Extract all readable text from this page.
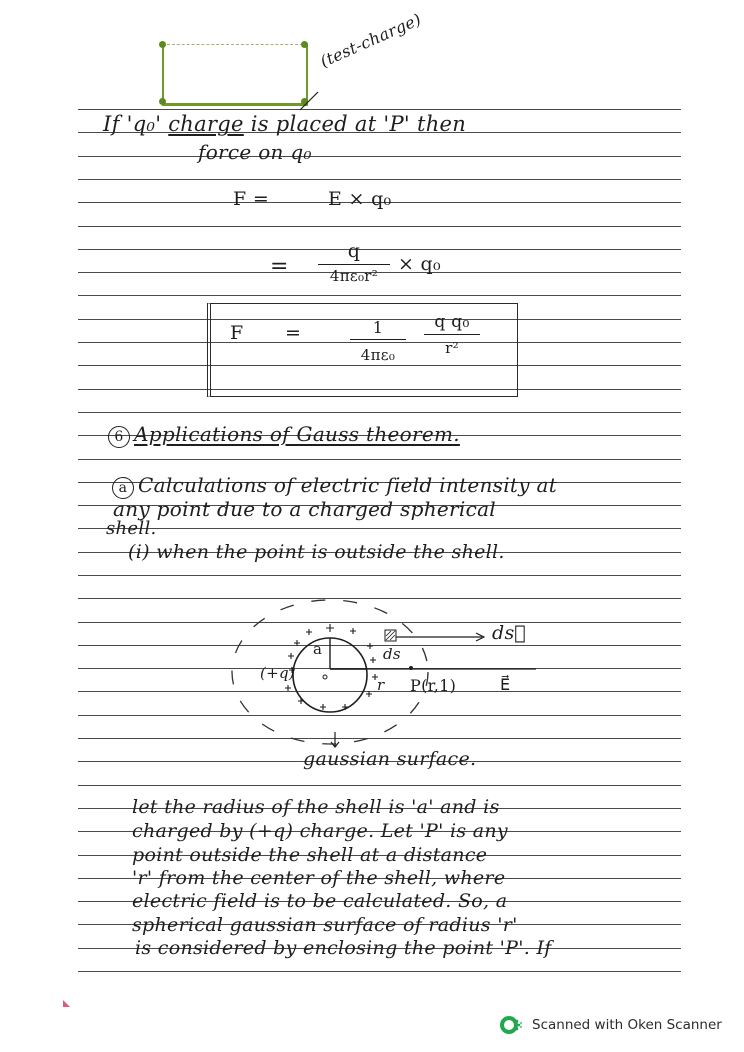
(test-charge)
If 'q₀' charge is placed at 'P' then
force on q₀
F =	E × q₀
=
q
4πε₀r²
× q₀
F =	1
4πε₀
q q₀
r²
6 Applications of Gauss theorem.
a Calculations of electric field intensity at
any point due to a charged spherical
shell.
(i) when the point is outside the shell.
a
(+q)
ds
ds⃗
E⃗
r P(r,1)
gaussian surface.
let the radius of the shell is 'a' and is
charged by (+q) charge. Let 'P' is any
point outside the shell at a distance
'r' from the center of the shell, where
electric field is to be calculated. So, a
spherical gaussian surface of radius 'r'
is considered by enclosing the point 'P'. If
Scanned with Oken Scanner
